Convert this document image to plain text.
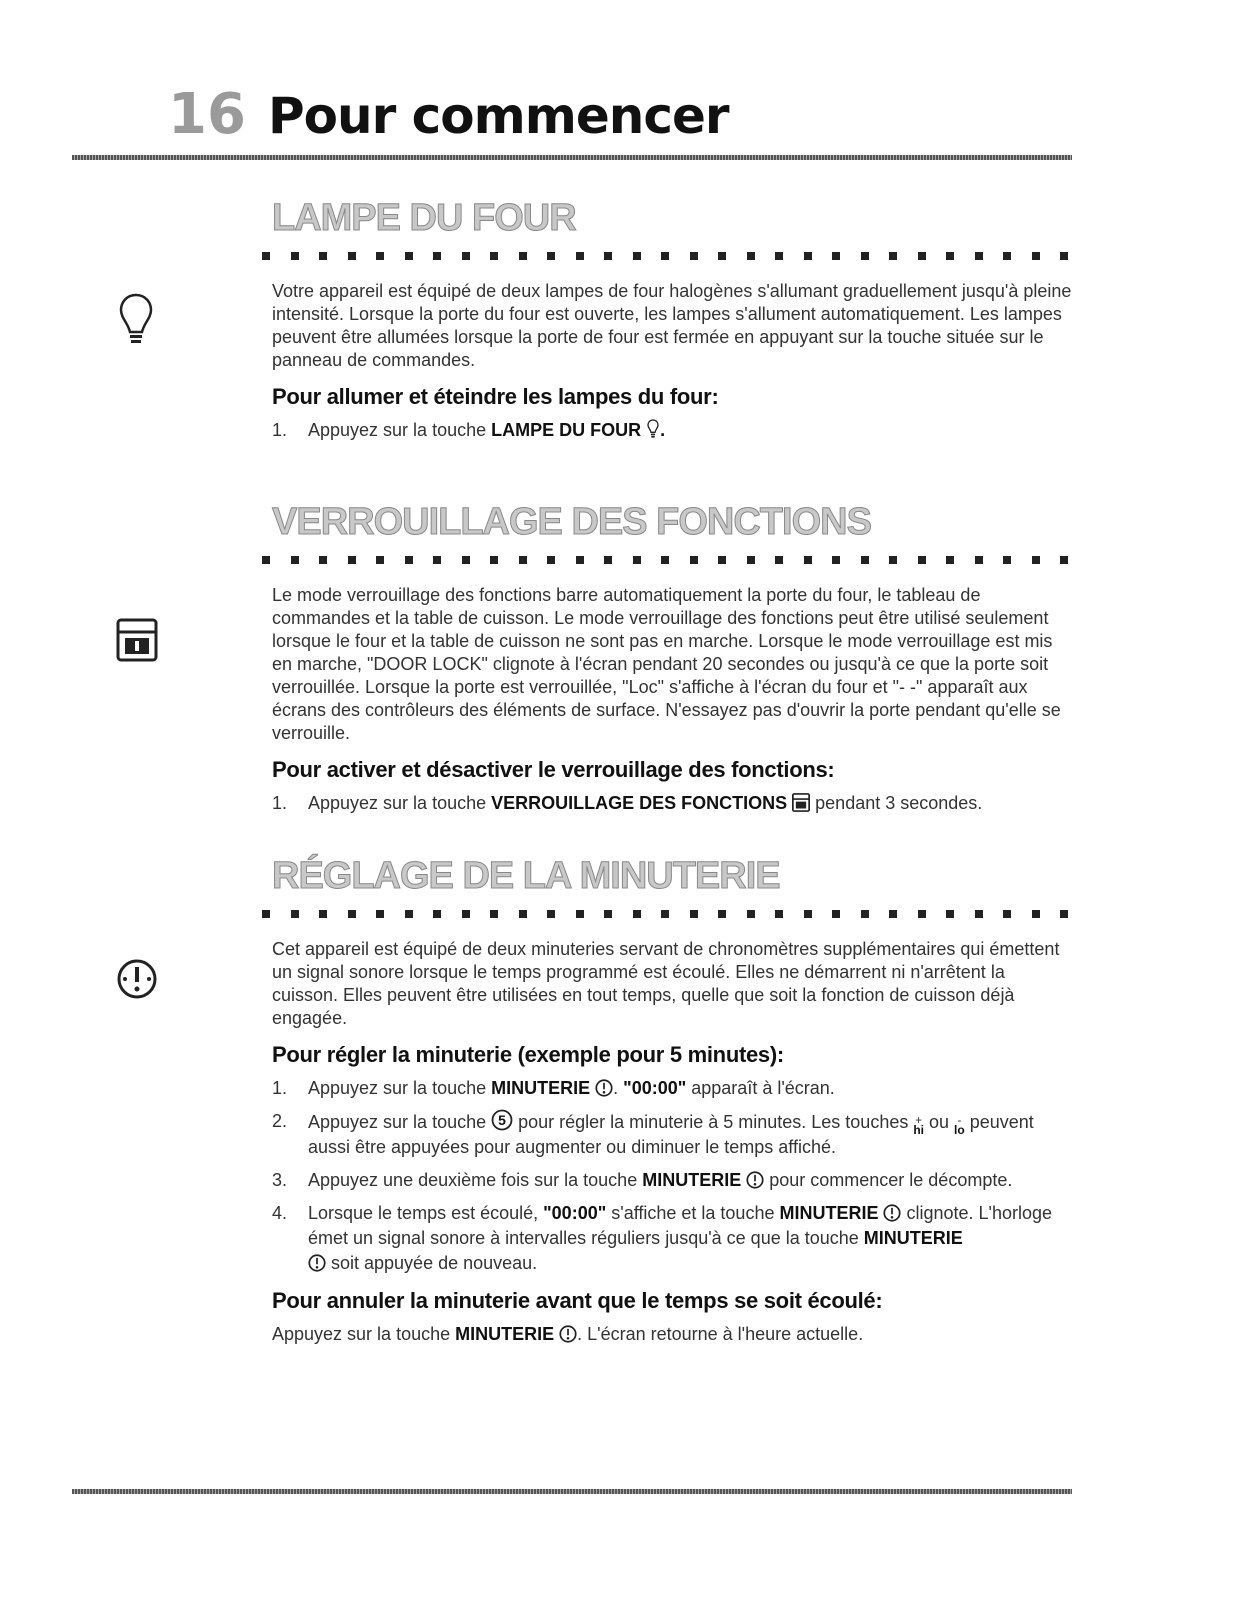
16 Pour commencer
LAMPE DU FOUR

Votre appareil est équipé de deux lampes de four halogènes s'allumant graduellement jusqu'à pleine intensité. Lorsque la porte du four est ouverte, les lampes s'allument automatiquement. Les lampes peuvent être allumées lorsque la porte de four est fermée en appuyant sur la touche située sur le panneau de commandes.

Pour allumer et éteindre les lampes du four:
1.	Appuyez sur la touche LAMPE DU FOUR .
VERROUILLAGE DES FONCTIONS

Le mode verrouillage des fonctions barre automatiquement la porte du four, le tableau de commandes et la table de cuisson. Le mode verrouillage des fonctions peut être utilisé seulement lorsque le four et la table de cuisson ne sont pas en marche. Lorsque le mode verrouillage est mis en marche, "DOOR LOCK" clignote à l'écran pendant 20 secondes ou jusqu'à ce que la porte soit verrouillée. Lorsque la porte est verrouillée, "Loc" s'affiche à l'écran du four et "- -" apparaît aux écrans des contrôleurs des éléments de surface. N'essayez pas d'ouvrir la porte pendant qu'elle se verrouille.

Pour activer et désactiver le verrouillage des fonctions:
1.	Appuyez sur la touche VERROUILLAGE DES FONCTIONS  pendant 3 secondes.
RÉGLAGE DE LA MINUTERIE

Cet appareil est équipé de deux minuteries servant de chronomètres supplémentaires qui émettent un signal sonore lorsque le temps programmé est écoulé. Elles ne démarrent ni n'arrêtent la cuisson. Elles peuvent être utilisées en tout temps, quelle que soit la fonction de cuisson déjà engagée.

Pour régler la minuterie (exemple pour 5 minutes):
1.	Appuyez sur la touche MINUTERIE . "00:00" apparaît à l'écran.
2.	Appuyez sur la touche 5 pour régler la minuterie à 5 minutes. Les touches +
hi ou -
lo peuvent aussi être appuyées pour augmenter ou diminuer le temps affiché.
3.	Appuyez une deuxième fois sur la touche MINUTERIE  pour commencer le décompte.
4.	Lorsque le temps est écoulé, "00:00" s'affiche et la touche MINUTERIE  clignote. L'horloge émet un signal sonore à intervalles réguliers jusqu'à ce que la touche MINUTERIE
soit appuyée de nouveau.
Pour annuler la minuterie avant que le temps se soit écoulé:
Appuyez sur la touche MINUTERIE . L'écran retourne à l'heure actuelle.
